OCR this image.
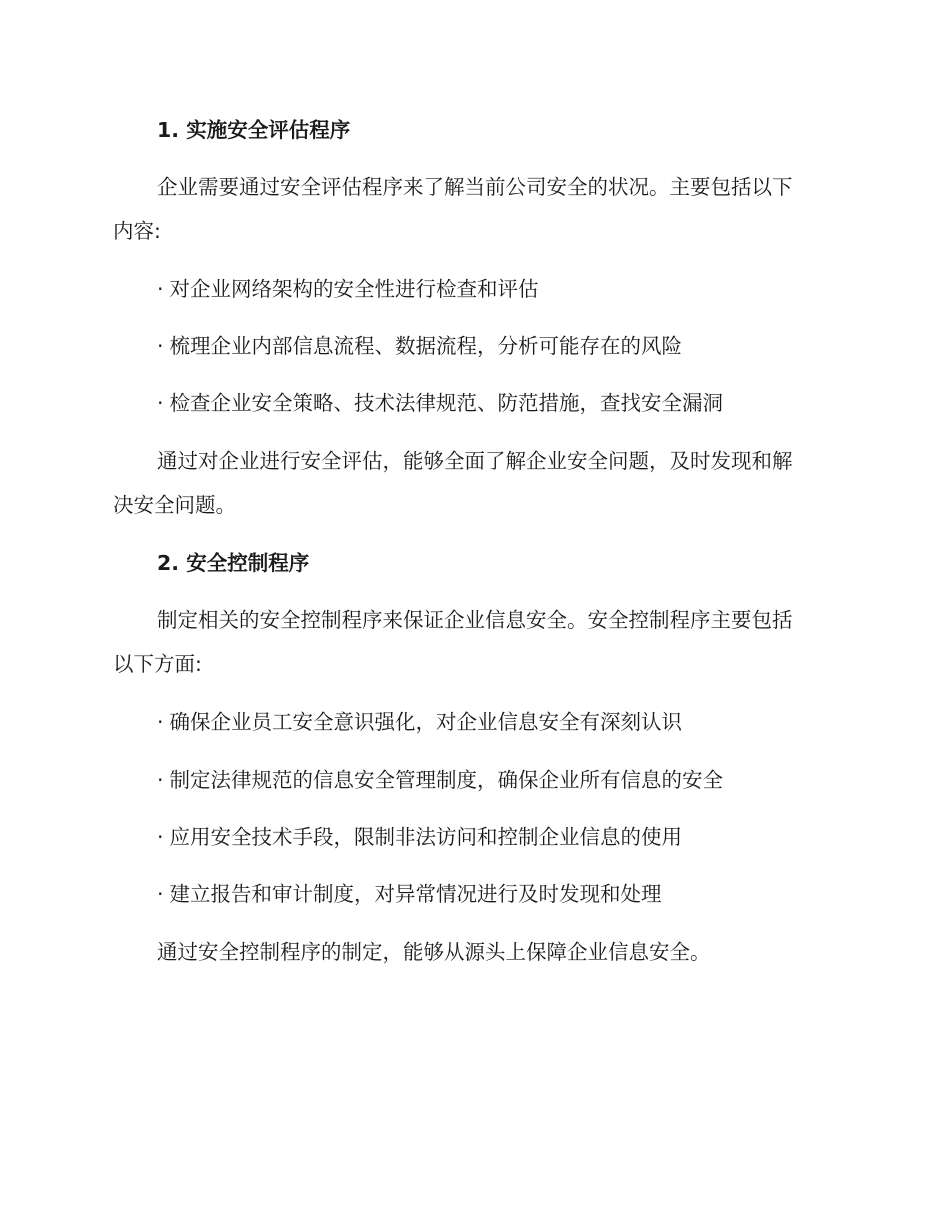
1. 实施安全评估程序
企业需要通过安全评估程序来了解当前公司安全的状况。主要包括以下
内容:
· 对企业网络架构的安全性进行检查和评估
· 梳理企业内部信息流程、数据流程，分析可能存在的风险
· 检查企业安全策略、技术法律规范、防范措施，查找安全漏洞
通过对企业进行安全评估，能够全面了解企业安全问题，及时发现和解
决安全问题。
2. 安全控制程序
制定相关的安全控制程序来保证企业信息安全。安全控制程序主要包括
以下方面:
· 确保企业员工安全意识强化，对企业信息安全有深刻认识
· 制定法律规范的信息安全管理制度，确保企业所有信息的安全
· 应用安全技术手段，限制非法访问和控制企业信息的使用
· 建立报告和审计制度，对异常情况进行及时发现和处理
通过安全控制程序的制定，能够从源头上保障企业信息安全。
